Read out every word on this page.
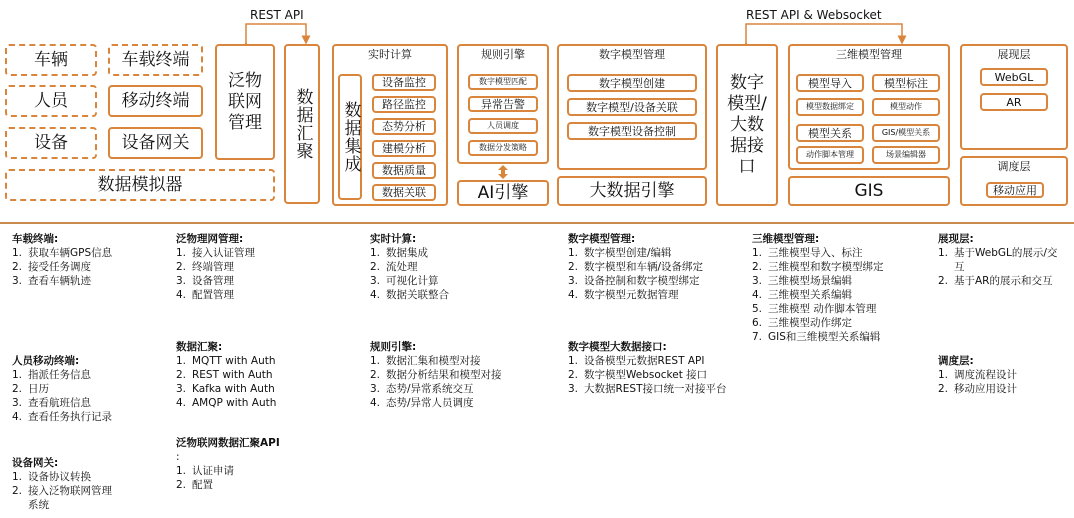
REST API	REST API & Websocket
车辆
人员
设备
车载终端
移动终端
设备网关
数据模拟器
泛物联网管理 数据汇聚
实时计算
数据集成
设备监控
路径监控
态势分析
建模分析
数据质量
数据关联
规则引擎
数字模型匹配
异常告警
人员调度
数据分发策略
AI引擎
数字模型管理
数字模型创建
数字模型/设备关联
数字模型设备控制
大数据引擎
数字模型/大数据接口
三维模型管理
模型导入	模型标注
模型数据绑定	模型动作
模型关系	GIS/模型关系
动作脚本管理	场景编辑器
GIS
展现层
WebGL
AR
调度层
移动应用
车载终端:
1. 获取车辆GPS信息
2. 接受任务调度
3. 查看车辆轨迹
人员移动终端:
1. 指派任务信息
2. 日历
3. 查看航班信息
4. 查看任务执行记录
设备网关:
1. 设备协议转换
2. 接入泛物联网管理系统
泛物理网管理:
1. 接入认证管理
2. 终端管理
3. 设备管理
4. 配置管理
数据汇聚:
1. MQTT with Auth
2. REST with Auth
3. Kafka with Auth
4. AMQP with Auth
泛物联网数据汇聚API
:
1. 认证申请
2. 配置
实时计算:
1. 数据集成
2. 流处理
3. 可视化计算
4. 数据关联整合
规则引擎:
1. 数据汇集和模型对接
2. 数据分析结果和模型对接
3. 态势/异常系统交互
4. 态势/异常人员调度
数字模型管理:
1. 数字模型创建/编辑
2. 数字模型和车辆/设备绑定
3. 设备控制和数字模型绑定
4. 数字模型元数据管理
数字模型大数据接口:
1. 设备模型元数据REST API
2. 数字模型Websocket 接口
3. 大数据REST接口统一对接平台
三维模型管理:
1. 三维模型导入、标注
2. 三维模型和数字模型绑定
3. 三维模型场景编辑
4. 三维模型关系编辑
5. 三维模型 动作脚本管理
6. 三维模型动作绑定
7. GIS和三维模型关系编辑
展现层:
1. 基于WebGL的展示/交互
2. 基于AR的展示和交互
调度层:
1. 调度流程设计
2. 移动应用设计
